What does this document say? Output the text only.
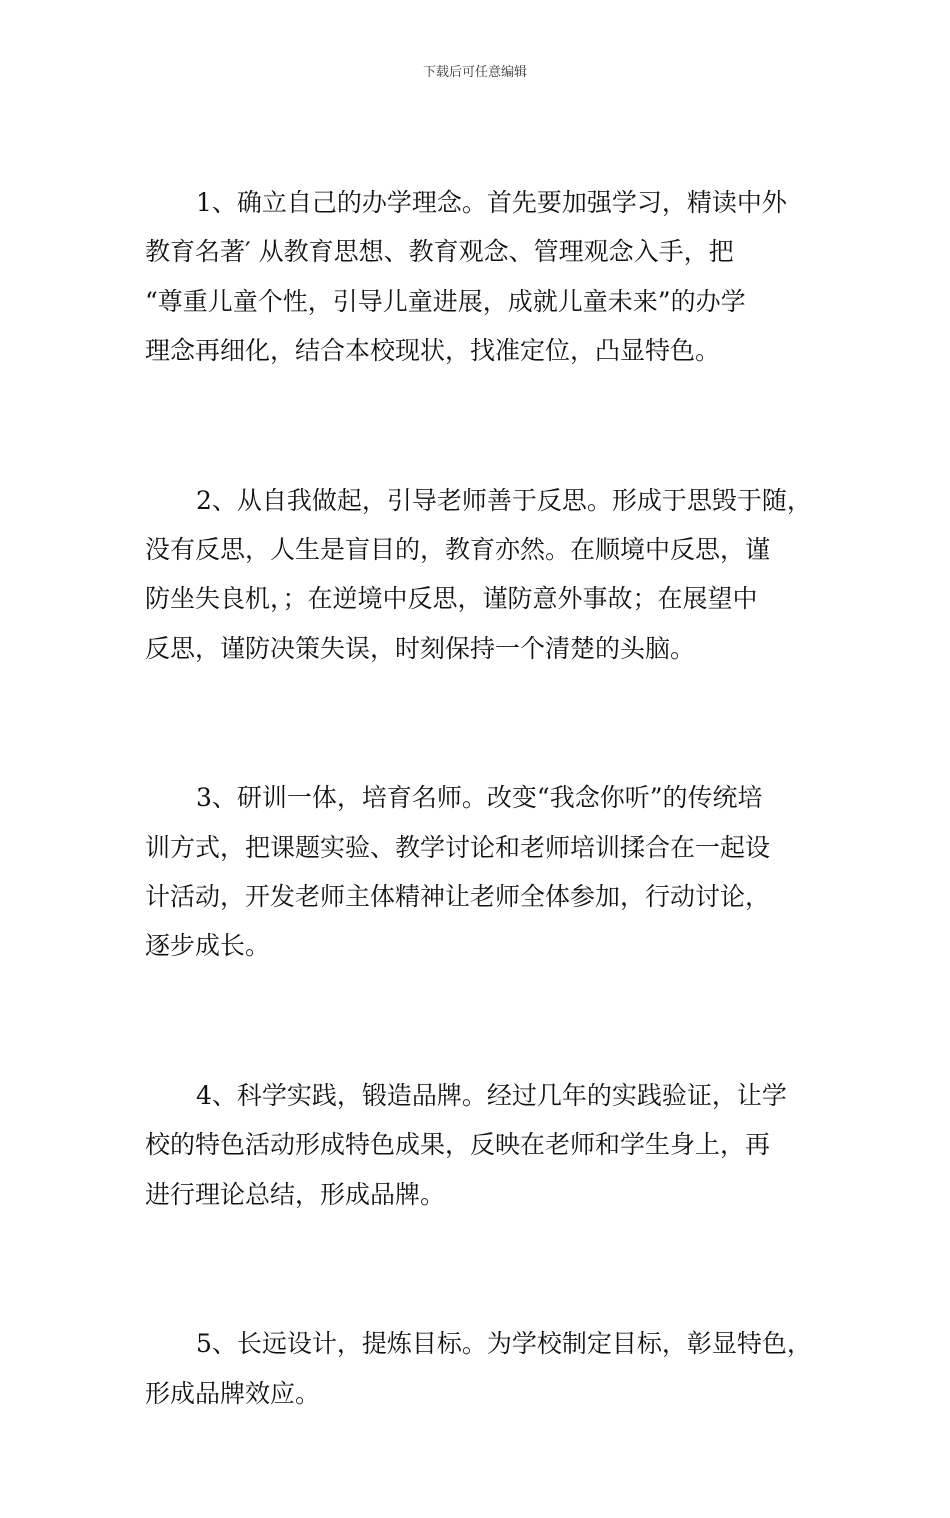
下载后可任意编辑

1、确立自己的办学理念。首先要加强学习，精读中外
教育名著′ 从教育思想、教育观念、管理观念入手，把
“尊重儿童个性，引导儿童进展，成就儿童未来”的办学
理念再细化，结合本校现状，找准定位，凸显特色。

2、从自我做起，引导老师善于反思。形成于思毁于随，
没有反思，人生是盲目的，教育亦然。在顺境中反思，谨
防坐失良机，；在逆境中反思，谨防意外事故；在展望中
反思，谨防决策失误，时刻保持一个清楚的头脑。

3、研训一体，培育名师。改变“我念你听”的传统培
训方式，把课题实验、教学讨论和老师培训揉合在一起设
计活动，开发老师主体精神让老师全体参加，行动讨论，
逐步成长。

4、科学实践，锻造品牌。经过几年的实践验证，让学
校的特色活动形成特色成果，反映在老师和学生身上，再
进行理论总结，形成品牌。

5、长远设计，提炼目标。为学校制定目标，彰显特色，
形成品牌效应。
